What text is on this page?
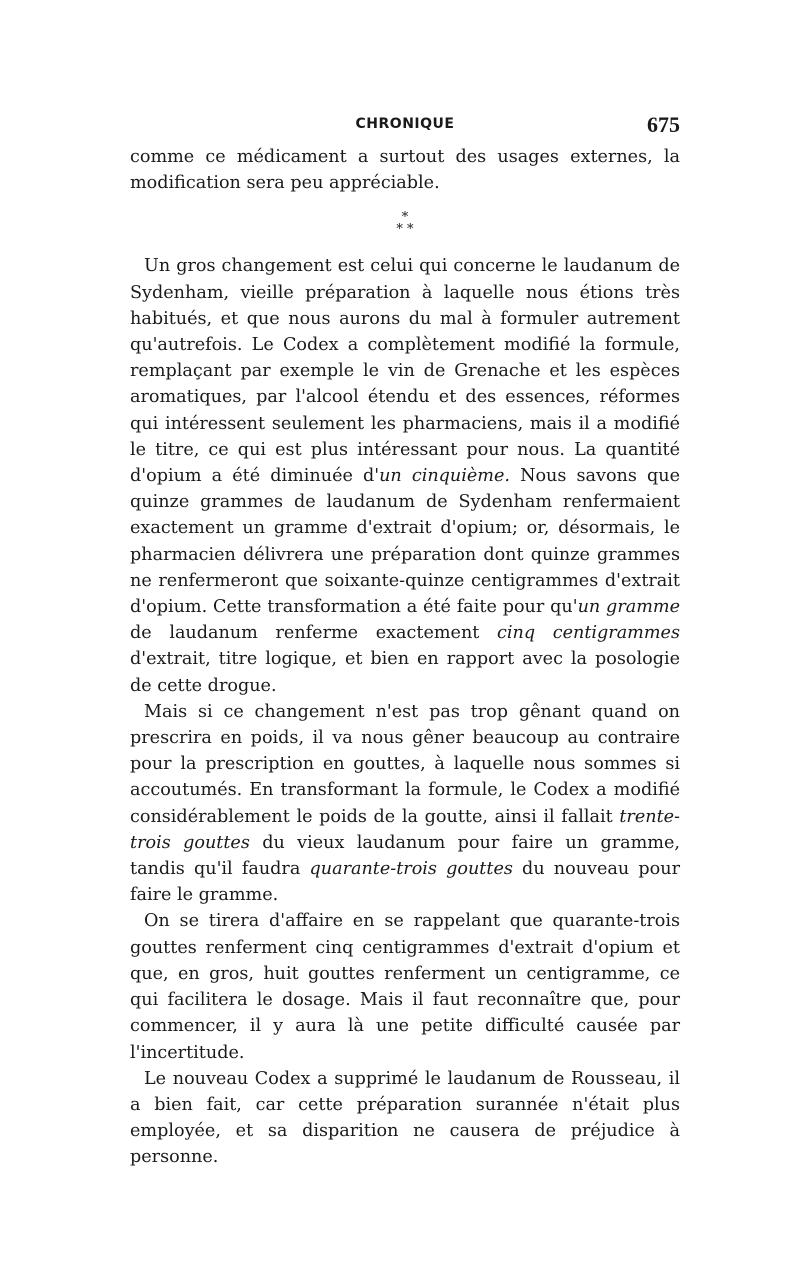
CHRONIQUE	675

comme ce médicament a surtout des usages externes, la modification sera peu appréciable.

*
* *

Un gros changement est celui qui concerne le laudanum de Sydenham, vieille préparation à laquelle nous étions très habitués, et que nous aurons du mal à formuler autrement qu'autrefois. Le Codex a complètement modifié la formule, remplaçant par exemple le vin de Grenache et les espèces aromatiques, par l'alcool étendu et des essences, réformes qui intéressent seulement les pharmaciens, mais il a modifié le titre, ce qui est plus intéressant pour nous. La quantité d'opium a été diminuée d'un cinquième. Nous savons que quinze grammes de laudanum de Sydenham renfermaient exactement un gramme d'extrait d'opium; or, désormais, le pharmacien délivrera une préparation dont quinze grammes ne renfermeront que soixante-quinze centigrammes d'extrait d'opium. Cette transformation a été faite pour qu'un gramme de laudanum renferme exactement cinq centigrammes d'extrait, titre logique, et bien en rapport avec la posologie de cette drogue.

Mais si ce changement n'est pas trop gênant quand on prescrira en poids, il va nous gêner beaucoup au contraire pour la prescription en gouttes, à laquelle nous sommes si accoutumés. En transformant la formule, le Codex a modifié considérablement le poids de la goutte, ainsi il fallait trente-trois gouttes du vieux laudanum pour faire un gramme, tandis qu'il faudra quarante-trois gouttes du nouveau pour faire le gramme.

On se tirera d'affaire en se rappelant que quarante-trois gouttes renferment cinq centigrammes d'extrait d'opium et que, en gros, huit gouttes renferment un centigramme, ce qui facilitera le dosage. Mais il faut reconnaître que, pour commencer, il y aura là une petite difficulté causée par l'incertitude.

Le nouveau Codex a supprimé le laudanum de Rousseau, il a bien fait, car cette préparation surannée n'était plus employée, et sa disparition ne causera de préjudice à personne.
